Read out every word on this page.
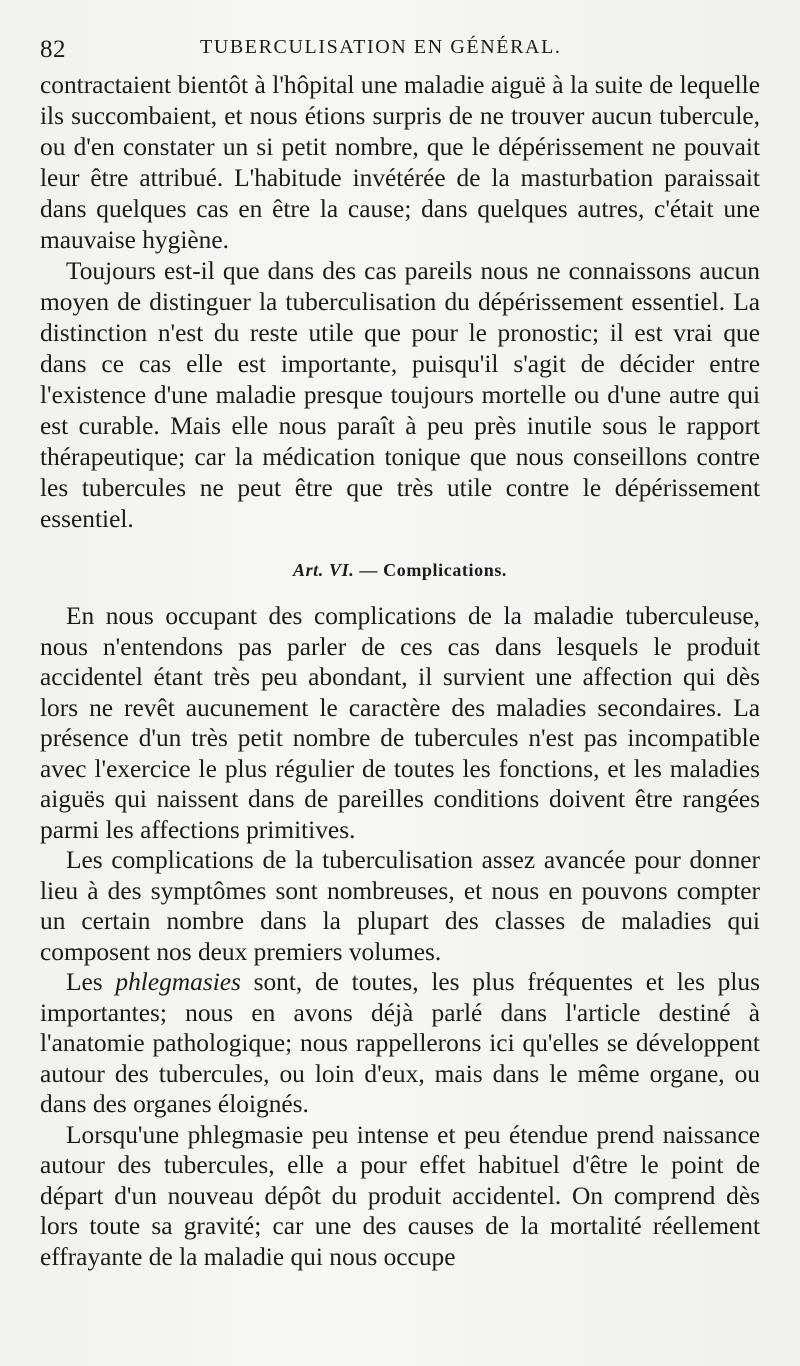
82	TUBERCULISATION EN GÉNÉRAL.

contractaient bientôt à l'hôpital une maladie aiguë à la suite de lequelle ils succombaient, et nous étions surpris de ne trouver aucun tubercule, ou d'en constater un si petit nombre, que le dépérissement ne pouvait leur être attribué. L'habitude invétérée de la masturbation paraissait dans quelques cas en être la cause; dans quelques autres, c'était une mauvaise hygiène.

Toujours est-il que dans des cas pareils nous ne connaissons aucun moyen de distinguer la tuberculisation du dépérissement essentiel. La distinction n'est du reste utile que pour le pronostic; il est vrai que dans ce cas elle est importante, puisqu'il s'agit de décider entre l'existence d'une maladie presque toujours mortelle ou d'une autre qui est curable. Mais elle nous paraît à peu près inutile sous le rapport thérapeutique; car la médication tonique que nous conseillons contre les tubercules ne peut être que très utile contre le dépérissement essentiel.

Art. VI. — Complications.

En nous occupant des complications de la maladie tuberculeuse, nous n'entendons pas parler de ces cas dans lesquels le produit accidentel étant très peu abondant, il survient une affection qui dès lors ne revêt aucunement le caractère des maladies secondaires. La présence d'un très petit nombre de tubercules n'est pas incompatible avec l'exercice le plus régulier de toutes les fonctions, et les maladies aiguës qui naissent dans de pareilles conditions doivent être rangées parmi les affections primitives.

Les complications de la tuberculisation assez avancée pour donner lieu à des symptômes sont nombreuses, et nous en pouvons compter un certain nombre dans la plupart des classes de maladies qui composent nos deux premiers volumes.

Les phlegmasies sont, de toutes, les plus fréquentes et les plus importantes; nous en avons déjà parlé dans l'article destiné à l'anatomie pathologique; nous rappellerons ici qu'elles se développent autour des tubercules, ou loin d'eux, mais dans le même organe, ou dans des organes éloignés.

Lorsqu'une phlegmasie peu intense et peu étendue prend naissance autour des tubercules, elle a pour effet habituel d'être le point de départ d'un nouveau dépôt du produit accidentel. On comprend dès lors toute sa gravité; car une des causes de la mortalité réellement effrayante de la maladie qui nous occupe
